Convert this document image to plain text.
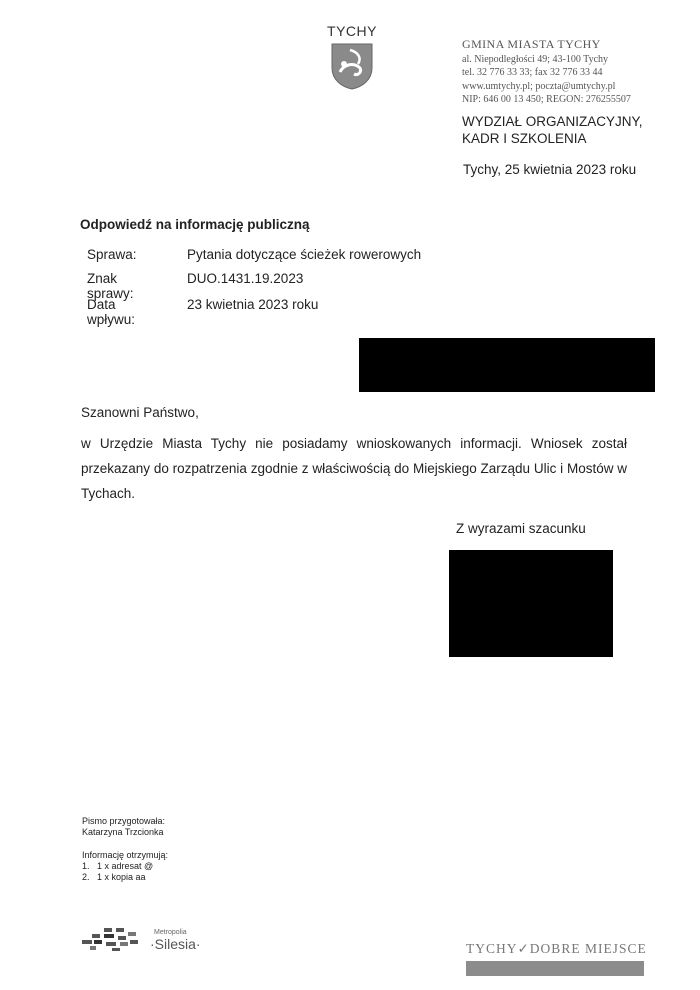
TYCHY
GMINA MIASTA TYCHY
al. Niepodległości 49; 43-100 Tychy
tel. 32 776 33 33; fax 32 776 33 44
www.umtychy.pl; poczta@umtychy.pl
NIP: 646 00 13 450; REGON: 276255507
WYDZIAŁ ORGANIZACYJNY,
KADR I SZKOLENIA
Tychy, 25 kwietnia 2023 roku
Odpowiedź na informację publiczną
Sprawa:	Pytania dotyczące ścieżek rowerowych
Znak sprawy:
DUO.1431.19.2023
Data wpływu:
23 kwietnia 2023 roku
Szanowni Państwo,
w Urzędzie Miasta Tychy nie posiadamy wnioskowanych informacji. Wniosek został przekazany do rozpatrzenia zgodnie z właściwością do Miejskiego Zarządu Ulic i Mostów w Tychach.
Z wyrazami szacunku
Pismo przygotowała:
Katarzyna Trzcionka
Informację otrzymują:
1.   1 x adresat @
2.   1 x kopia aa
Metropolia
·Silesia·	TYCHY✓DOBRE MIEJSCE
